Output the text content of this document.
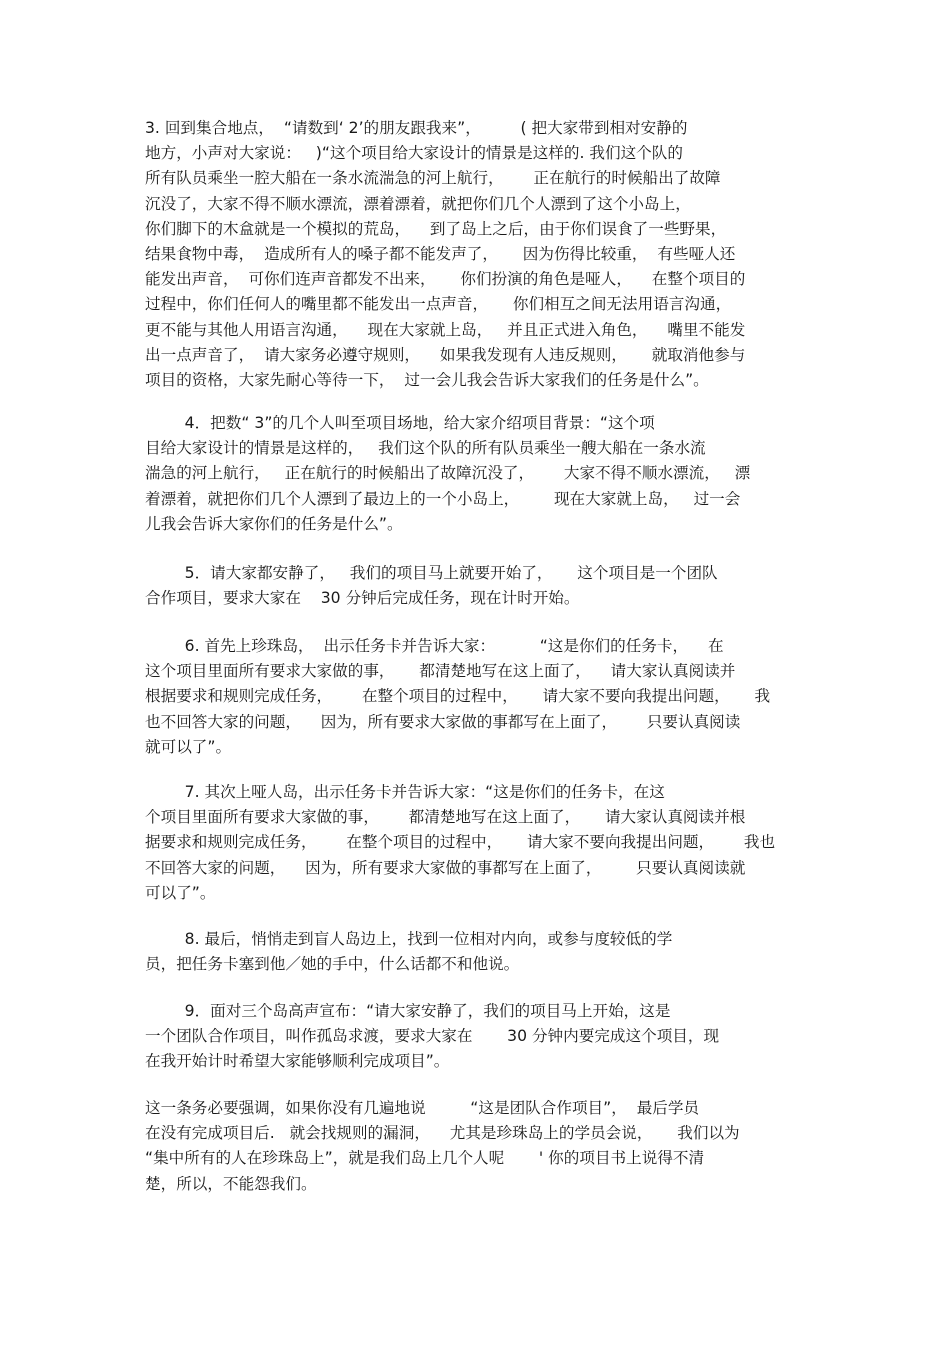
3. 回到集合地点，  “请数到‘ 2’的朋友跟我来”，        ( 把大家带到相对安静的
地方，小声对大家说：   )“这个项目给大家设计的情景是这样的. 我们这个队的
所有队员乘坐一腔大船在一条水流湍急的河上航行，      正在航行的时候船出了故障
沉没了，大家不得不顺水漂流，漂着漂着，就把你们几个人漂到了这个小岛上，
你们脚下的木盒就是一个模拟的荒岛，    到了岛上之后，由于你们误食了一些野果，
结果食物中毒，  造成所有人的嗓子都不能发声了，     因为伤得比较重，  有些哑人还
能发出声音，  可你们连声音都发不出来，     你们扮演的角色是哑人，    在整个项目的
过程中，你们任何人的嘴里都不能发出一点声音，     你们相互之间无法用语言沟通，
更不能与其他人用语言沟通，    现在大家就上岛，   并且正式进入角色，    嘴里不能发
出一点声音了，  请大家务必遵守规则，    如果我发现有人违反规则，     就取消他参与
项目的资格，大家先耐心等待一下，  过一会儿我会告诉大家我们的任务是什么”。
4．把数“ 3”的几个人叫至项目场地，给大家介绍项目背景：“这个项
目给大家设计的情景是这样的，   我们这个队的所有队员乘坐一艘大船在一条水流
湍急的河上航行，   正在航行的时候船出了故障沉没了，      大家不得不顺水漂流，   漂
着漂着，就把你们几个人漂到了最边上的一个小岛上，       现在大家就上岛，   过一会
儿我会告诉大家你们的任务是什么”。
5．请大家都安静了，   我们的项目马上就要开始了，     这个项目是一个团队
合作项目，要求大家在    30 分钟后完成任务，现在计时开始。
6. 首先上珍珠岛，  出示任务卡并告诉大家：         “这是你们的任务卡，    在
这个项目里面所有要求大家做的事，     都清楚地写在这上面了，    请大家认真阅读并
根据要求和规则完成任务，      在整个项目的过程中，     请大家不要向我提出问题，     我
也不回答大家的问题，    因为，所有要求大家做的事都写在上面了，      只要认真阅读
就可以了”。
7. 其次上哑人岛，出示任务卡并告诉大家：“这是你们的任务卡，在这
个项目里面所有要求大家做的事，      都清楚地写在这上面了，     请大家认真阅读并根
据要求和规则完成任务，      在整个项目的过程中，     请大家不要向我提出问题，      我也
不回答大家的问题，    因为，所有要求大家做的事都写在上面了，       只要认真阅读就
可以了”。
8. 最后，悄悄走到盲人岛边上，找到一位相对内向，或参与度较低的学
员，把任务卡塞到他／她的手中，什么话都不和他说。
9．面对三个岛高声宣布：“请大家安静了，我们的项目马上开始，这是
一个团队合作项目，叫作孤岛求渡，要求大家在       30 分钟内要完成这个项目，现
在我开始计时希望大家能够顺利完成项目”。
这一条务必要强调，如果你没有几遍地说         “这是团队合作项目”，  最后学员
在没有完成项目后.   就会找规则的漏洞，    尤其是珍珠岛上的学员会说，     我们以为
“集中所有的人在珍珠岛上”，就是我们岛上几个人呢       ' 你的项目书上说得不清
楚，所以，不能怨我们。
